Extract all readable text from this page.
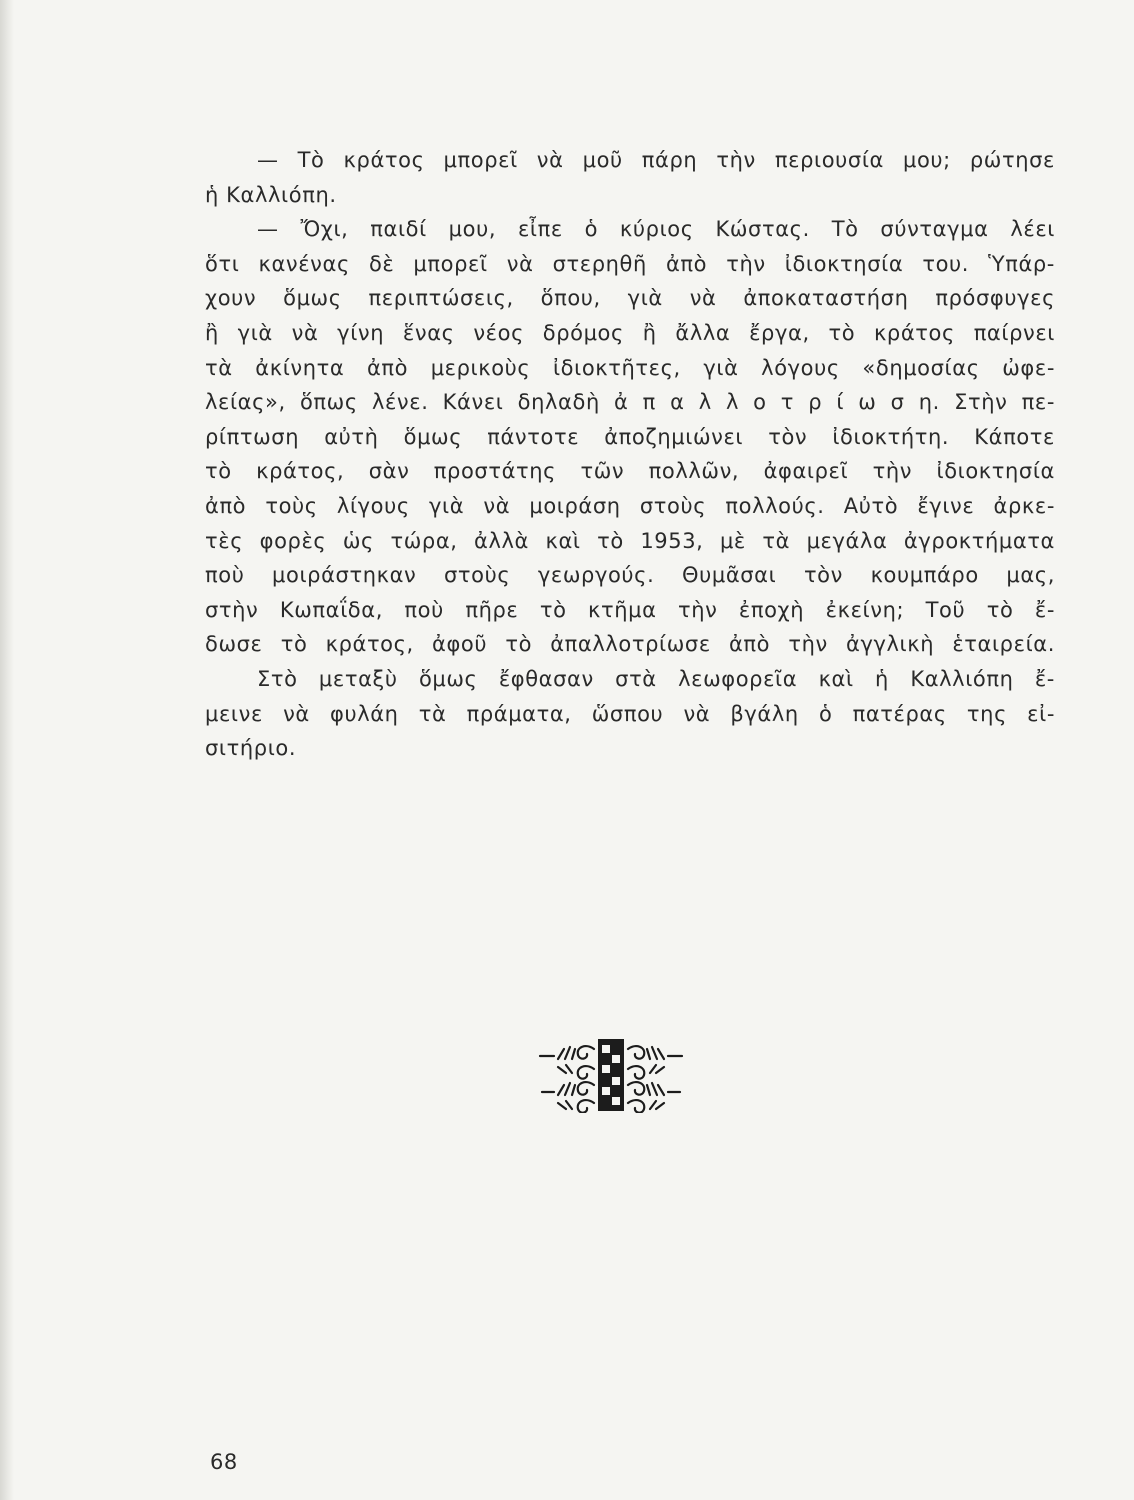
— Τὸ κράτος μπορεῖ νὰ μοῦ πάρη τὴν περιουσία μου; ρώτησε
ἡ Καλλιόπη.
— Ὄχι, παιδί μου, εἶπε ὁ κύριος Κώστας. Τὸ σύνταγμα λέει
ὅτι κανένας δὲ μπορεῖ νὰ στερηθῆ ἀπὸ τὴν ἰδιοκτησία του. Ὑπάρ-
χουν ὅμως περιπτώσεις, ὅπου, γιὰ νὰ ἀποκαταστήση πρόσφυγες
ἢ γιὰ νὰ γίνη ἕνας νέος δρόμος ἢ ἄλλα ἔργα, τὸ κράτος παίρνει
τὰ ἀκίνητα ἀπὸ μερικοὺς ἰδιοκτῆτες, γιὰ λόγους «δημοσίας ὠφε-
λείας», ὅπως λένε. Κάνει δηλαδὴ ἀ π α λ λ ο τ ρ ί ω σ η. Στὴν πε-
ρίπτωση αὐτὴ ὅμως πάντοτε ἀποζημιώνει τὸν ἰδιοκτήτη. Κάποτε
τὸ κράτος, σὰν προστάτης τῶν πολλῶν, ἀφαιρεῖ τὴν ἰδιοκτησία
ἀπὸ τοὺς λίγους γιὰ νὰ μοιράση στοὺς πολλούς. Αὐτὸ ἔγινε ἀρκε-
τὲς φορὲς ὡς τώρα, ἀλλὰ καὶ τὸ 1953, μὲ τὰ μεγάλα ἀγροκτήματα
ποὺ μοιράστηκαν στοὺς γεωργούς. Θυμᾶσαι τὸν κουμπάρο μας,
στὴν Κωπαΐδα, ποὺ πῆρε τὸ κτῆμα τὴν ἐποχὴ ἐκείνη; Τοῦ τὸ ἔ-
δωσε τὸ κράτος, ἀφοῦ τὸ ἀπαλλοτρίωσε ἀπὸ τὴν ἀγγλικὴ ἑταιρεία.
Στὸ μεταξὺ ὅμως ἔφθασαν στὰ λεωφορεῖα καὶ ἡ Καλλιόπη ἔ-
μεινε νὰ φυλάη τὰ πράματα, ὥσπου νὰ βγάλη ὁ πατέρας της εἰ-
σιτήριο.
68
